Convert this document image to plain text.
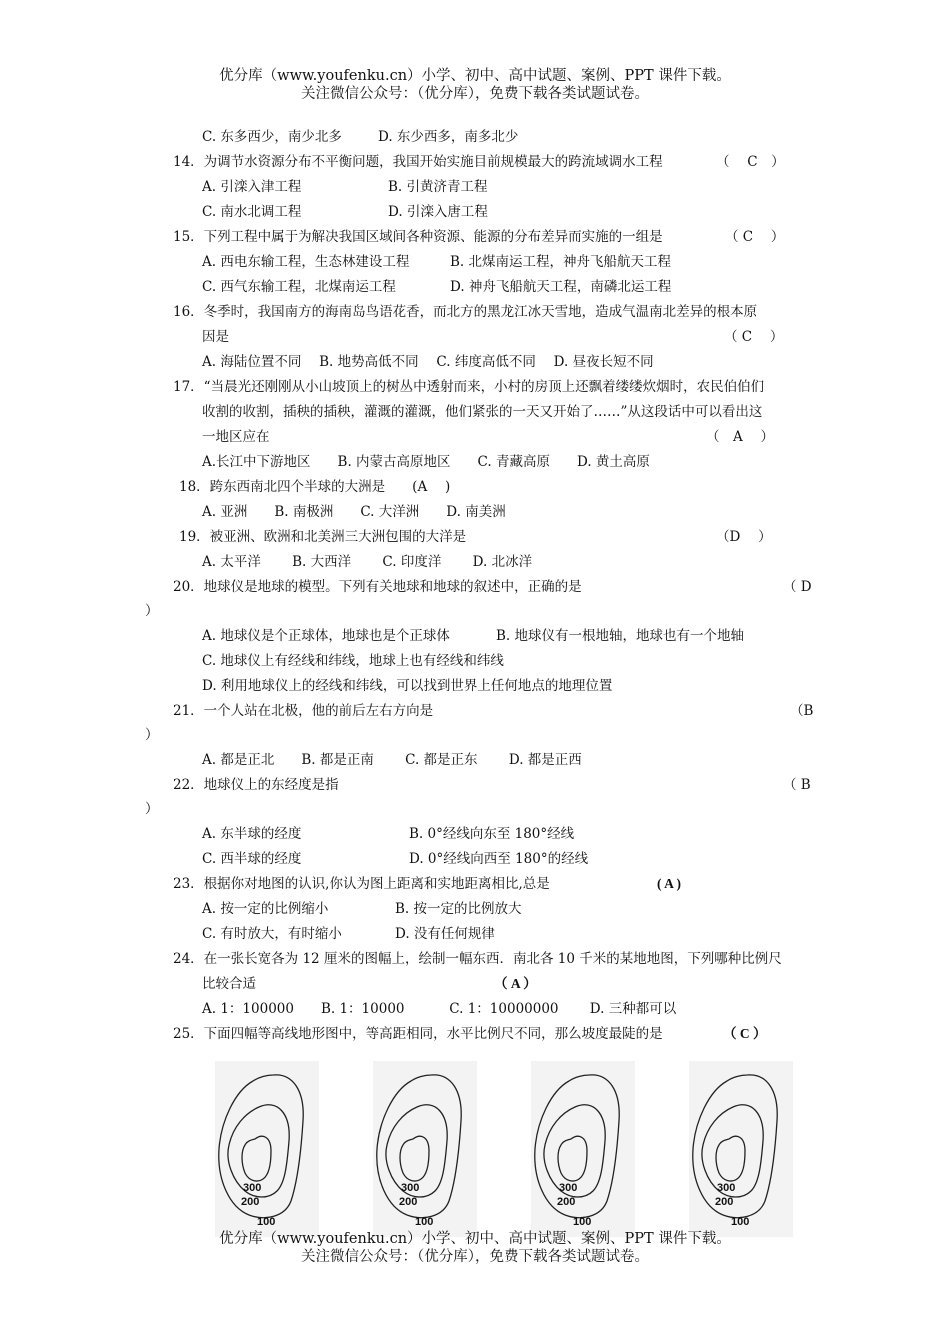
优分库（www.youfenku.cn）小学、初中、高中试题、案例、PPT 课件下载。
关注微信公众号：（优分库），免费下载各类试题试卷。
C. 东多西少，南少北多	D. 东少西多，南多北少
14．为调节水资源分布不平衡问题，我国开始实施目前规模最大的跨流域调水工程	（　 C　）
A. 引滦入津工程	B. 引黄济青工程
C. 南水北调工程	D. 引滦入唐工程
15．下列工程中属于为解决我国区域间各种资源、能源的分布差异而实施的一组是	（ C　 ）
A. 西电东输工程，生态林建设工程	B. 北煤南运工程，神舟飞船航天工程
C. 西气东输工程，北煤南运工程	D. 神舟飞船航天工程，南磷北运工程
16．冬季时，我国南方的海南岛鸟语花香，而北方的黑龙江冰天雪地，造成气温南北差异的根本原
因是	（ C　 ）
A. 海陆位置不同　 B. 地势高低不同　 C. 纬度高低不同　 D. 昼夜长短不同
17．“当晨光还刚刚从小山坡顶上的树丛中透射而来，小村的房顶上还飘着缕缕炊烟时，农民伯伯们
收割的收割，插秧的插秧，灌溉的灌溉，他们紧张的一天又开始了……”从这段话中可以看出这
一地区应在	（　A　 ）
A.长江中下游地区　　B. 内蒙古高原地区　　C. 青藏高原　　D. 黄土高原
18．跨东西南北四个半球的大洲是　　(A　 )
A. 亚洲　　B. 南极洲　　C. 大洋洲　　D. 南美洲
19．被亚洲、欧洲和北美洲三大洲包围的大洋是	（D　 ）
A. 太平洋　　 B. 大西洋　　 C. 印度洋　　 D. 北冰洋
20．地球仪是地球的模型。下列有关地球和地球的叙述中，正确的是	（ D
）
A. 地球仪是个正球体，地球也是个正球体	B. 地球仪有一根地轴，地球也有一个地轴
C. 地球仪上有经线和纬线，地球上也有经线和纬线
D. 利用地球仪上的经线和纬线，可以找到世界上任何地点的地理位置
21．一个人站在北极，他的前后左右方向是	（B
）
A. 都是正北　　B. 都是正南　　 C. 都是正东　　 D. 都是正西
22．地球仪上的东经度是指	（ B
）
A. 东半球的经度	B. 0°经线向东至 180°经线
C. 西半球的经度	D. 0°经线向西至 180°的经线
23．根据你对地图的认识,你认为图上距离和实地距离相比,总是	( A )
A. 按一定的比例缩小	B. 按一定的比例放大
C. 有时放大，有时缩小	D. 没有任何规律
24．在一张长宽各为 12 厘米的图幅上，绘制一幅东西．南北各 10 千米的某地地图，下列哪种比例尺
比较合适	（ A ）
A. 1：100000　　B. 1：10000　　　 C. 1：10000000　　 D. 三种都可以
25．下面四幅等高线地形图中，等高距相同，水平比例尺不同，那么坡度最陡的是	（ C ）
300
200
100
300
200
100
300
200
100
300
200
100
优分库（www.youfenku.cn）小学、初中、高中试题、案例、PPT 课件下载。
关注微信公众号：（优分库），免费下载各类试题试卷。
